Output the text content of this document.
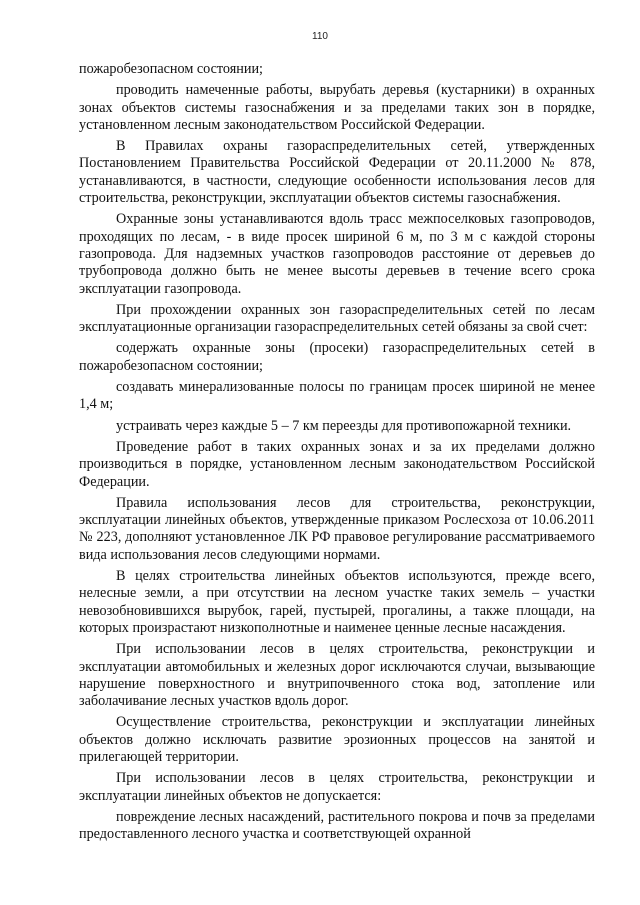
110

пожаробезопасном состоянии;

проводить намеченные работы, вырубать деревья (кустарники) в охранных зонах объектов системы газоснабжения и за пределами таких зон в порядке, установленном лесным законодательством Российской Федерации.

В Правилах охраны газораспределительных сетей, утвержденных Постановлением Правительства Российской Федерации от 20.11.2000 № 878, устанавливаются, в частности, следующие особенности использования лесов для строительства, реконструкции, эксплуатации объектов системы газоснабжения.

Охранные зоны устанавливаются вдоль трасс межпоселковых газопроводов, проходящих по лесам, - в виде просек шириной 6 м, по 3 м с каждой стороны газопровода. Для надземных участков газопроводов расстояние от деревьев до трубопровода должно быть не менее высоты деревьев в течение всего срока эксплуатации газопровода.

При прохождении охранных зон газораспределительных сетей по лесам эксплуатационные организации газораспределительных сетей обязаны за свой счет:

содержать охранные зоны (просеки) газораспределительных сетей в пожаробезопасном состоянии;

создавать минерализованные полосы по границам просек шириной не менее 1,4 м;

устраивать через каждые 5 – 7 км переезды для противопожарной техники.

Проведение работ в таких охранных зонах и за их пределами должно производиться в порядке, установленном лесным законодательством Российской Федерации.

Правила использования лесов для строительства, реконструкции, эксплуатации линейных объектов, утвержденные приказом Рослесхоза от 10.06.2011 № 223, дополняют установленное ЛК РФ правовое регулирование рассматриваемого вида использования лесов следующими нормами.

В целях строительства линейных объектов используются, прежде всего, нелесные земли, а при отсутствии на лесном участке таких земель – участки невозобновившихся вырубок, гарей, пустырей, прогалины, а также площади, на которых произрастают низкополнотные и наименее ценные лесные насаждения.

При использовании лесов в целях строительства, реконструкции и эксплуатации автомобильных и железных дорог исключаются случаи, вызывающие нарушение поверхностного и внутрипочвенного стока вод, затопление или заболачивание лесных участков вдоль дорог.

Осуществление строительства, реконструкции и эксплуатации линейных объектов должно исключать развитие эрозионных процессов на занятой и прилегающей территории.

При использовании лесов в целях строительства, реконструкции и эксплуатации линейных объектов не допускается:

повреждение лесных насаждений, растительного покрова и почв за пределами предоставленного лесного участка и соответствующей охранной
